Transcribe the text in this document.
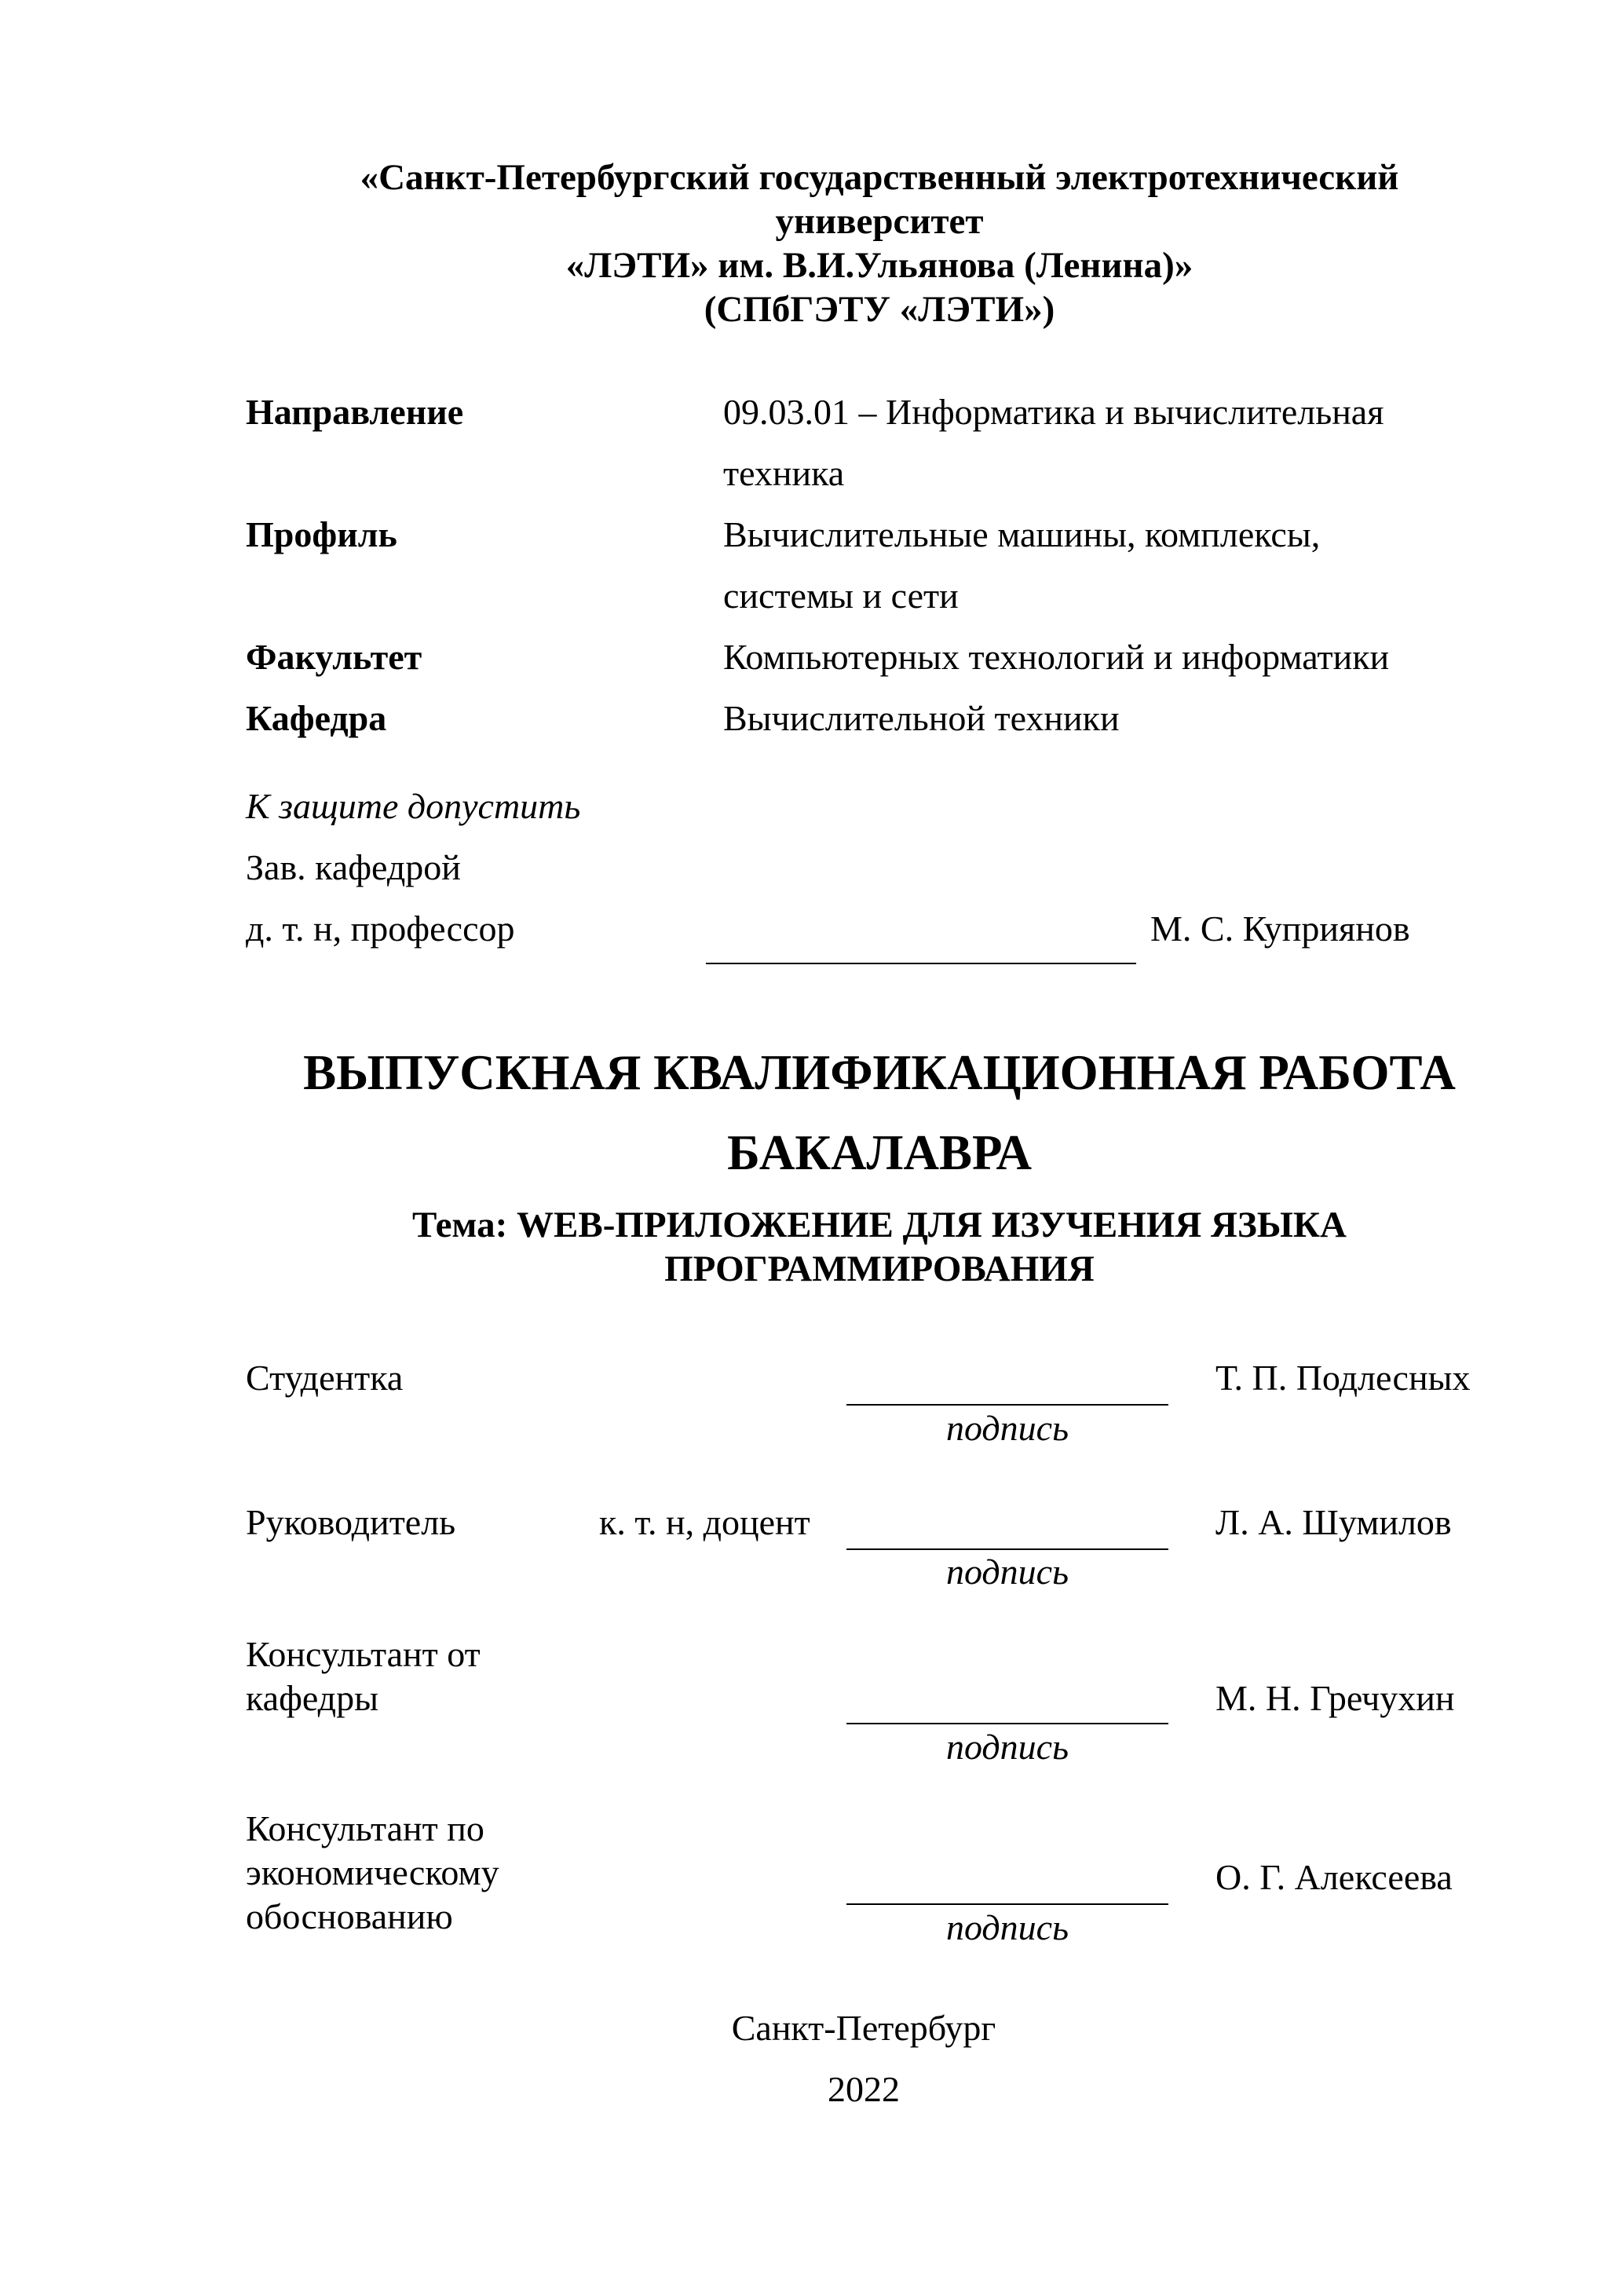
«Санкт-Петербургский государственный электротехнический
университет
«ЛЭТИ» им. В.И.Ульянова (Ленина)»
(СПбГЭТУ «ЛЭТИ»)
Направление	09.03.01 – Информатика и вычислительная
техника
Профиль	Вычислительные машины, комплексы,
системы и сети
Факультет	Компьютерных технологий и информатики
Кафедра	Вычислительной техники
К защите допустить
Зав. кафедрой
д. т. н, профессор	М. С. Куприянов
ВЫПУСКНАЯ КВАЛИФИКАЦИОННАЯ РАБОТА
БАКАЛАВРА
Тема: WEB-ПРИЛОЖЕНИЕ ДЛЯ ИЗУЧЕНИЯ ЯЗЫКА
ПРОГРАММИРОВАНИЯ
Студентка	Т. П. Подлесных
подпись
Руководитель	к. т. н, доцент	Л. А. Шумилов
подпись
Консультант от
кафедры	М. Н. Гречухин
подпись
Консультант по
экономическому
обоснованию
О. Г. Алексеева
подпись
Санкт-Петербург
2022
